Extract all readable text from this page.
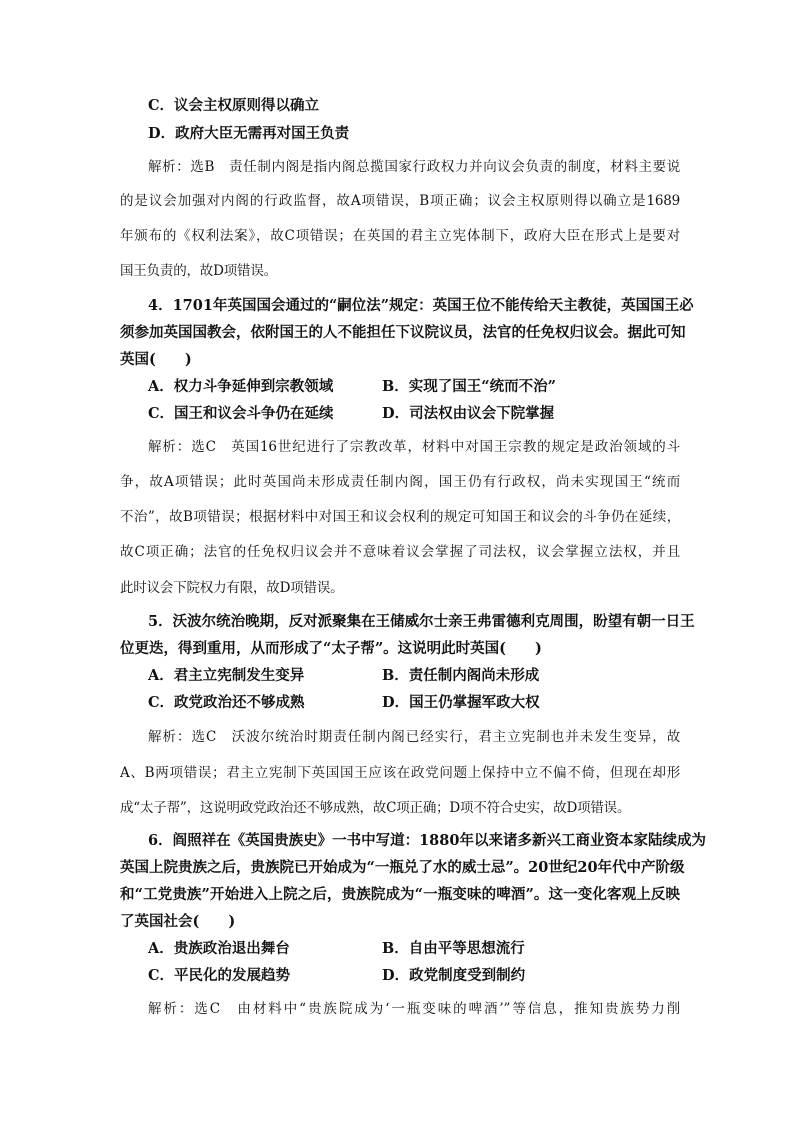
C．议会主权原则得以确立
D．政府大臣无需再对国王负责
解析：选B　责任制内阁是指内阁总揽国家行政权力并向议会负责的制度，材料主要说
的是议会加强对内阁的行政监督，故A项错误，B项正确；议会主权原则得以确立是1689
年颁布的《权利法案》，故C项错误；在英国的君主立宪体制下，政府大臣在形式上是要对
国王负责的，故D项错误。
4．1701年英国国会通过的“嗣位法”规定：英国王位不能传给天主教徒，英国国王必
须参加英国国教会，依附国王的人不能担任下议院议员，法官的任免权归议会。据此可知
英国(　　)
A．权力斗争延伸到宗教领域	B．实现了国王“统而不治”
C．国王和议会斗争仍在延续	D．司法权由议会下院掌握
解析：选C　英国16世纪进行了宗教改革，材料中对国王宗教的规定是政治领域的斗
争，故A项错误；此时英国尚未形成责任制内阁，国王仍有行政权，尚未实现国王“统而
不治”，故B项错误；根据材料中对国王和议会权利的规定可知国王和议会的斗争仍在延续，
故C项正确；法官的任免权归议会并不意味着议会掌握了司法权，议会掌握立法权，并且
此时议会下院权力有限，故D项错误。
5．沃波尔统治晚期，反对派聚集在王储威尔士亲王弗雷德利克周围，盼望有朝一日王
位更迭，得到重用，从而形成了“太子帮”。这说明此时英国(　　)
A．君主立宪制发生变异	B．责任制内阁尚未形成
C．政党政治还不够成熟	D．国王仍掌握军政大权
解析：选C　沃波尔统治时期责任制内阁已经实行，君主立宪制也并未发生变异，故
A、B两项错误；君主立宪制下英国国王应该在政党问题上保持中立不偏不倚，但现在却形
成“太子帮”，这说明政党政治还不够成熟，故C项正确；D项不符合史实，故D项错误。
6．阎照祥在《英国贵族史》一书中写道：1880年以来诸多新兴工商业资本家陆续成为
英国上院贵族之后，贵族院已开始成为“一瓶兑了水的威士忌”。20世纪20年代中产阶级
和“工党贵族”开始进入上院之后，贵族院成为“一瓶变味的啤酒”。这一变化客观上反映
了英国社会(　　)
A．贵族政治退出舞台	B．自由平等思想流行
C．平民化的发展趋势	D．政党制度受到制约
解析：选C　由材料中“贵族院成为‘一瓶变味的啤酒’”等信息，推知贵族势力削
